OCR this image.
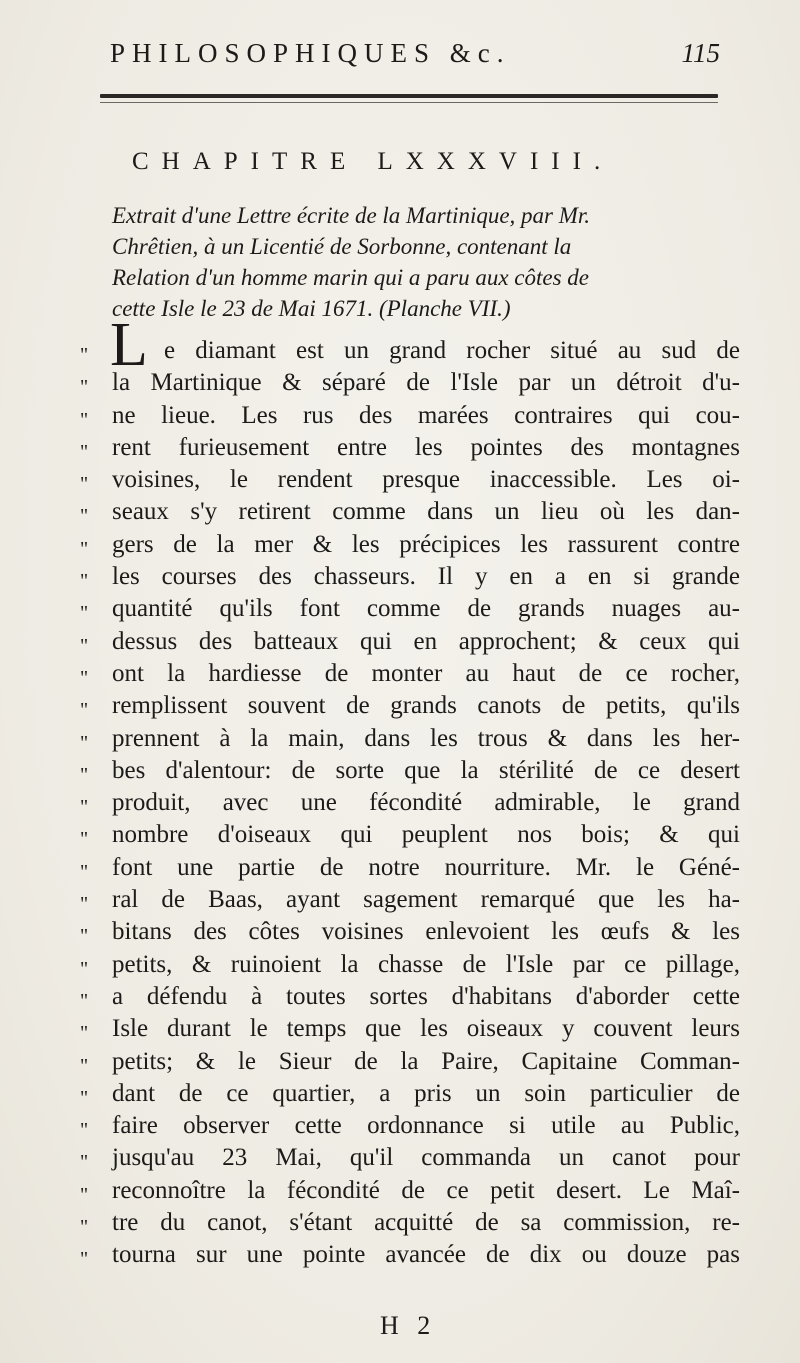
PHILOSOPHIQUES &c.	115
CHAPITRE LXXXVIII.
Extrait d'une Lettre écrite de la Martinique, par Mr.
Chrêtien, à un Licentié de Sorbonne, contenant la
Relation d'un homme marin qui a paru aux côtes de
cette Isle le 23 de Mai 1671. (Planche VII.)
L
"	e diamant est un grand rocher situé au sud de
" la Martinique & séparé de l'Isle par un détroit d'u-
" ne lieue. Les rus des marées contraires qui cou-
" rent furieusement entre les pointes des montagnes
" voisines, le rendent presque inaccessible. Les oi-
" seaux s'y retirent comme dans un lieu où les dan-
" gers de la mer & les précipices les rassurent contre
" les courses des chasseurs. Il y en a en si grande
" quantité qu'ils font comme de grands nuages au-
" dessus des batteaux qui en approchent; & ceux qui
" ont la hardiesse de monter au haut de ce rocher,
" remplissent souvent de grands canots de petits, qu'ils
" prennent à la main, dans les trous & dans les her-
" bes d'alentour: de sorte que la stérilité de ce desert
" produit, avec une fécondité admirable, le grand
" nombre d'oiseaux qui peuplent nos bois; & qui
" font une partie de notre nourriture. Mr. le Géné-
" ral de Baas, ayant sagement remarqué que les ha-
" bitans des côtes voisines enlevoient les œufs & les
" petits, & ruinoient la chasse de l'Isle par ce pillage,
" a défendu à toutes sortes d'habitans d'aborder cette
" Isle durant le temps que les oiseaux y couvent leurs
" petits; & le Sieur de la Paire, Capitaine Comman-
" dant de ce quartier, a pris un soin particulier de
" faire observer cette ordonnance si utile au Public,
" jusqu'au 23 Mai, qu'il commanda un canot pour
" reconnoître la fécondité de ce petit desert. Le Maî-
" tre du canot, s'étant acquitté de sa commission, re-
" tourna sur une pointe avancée de dix ou douze pas
H 2
